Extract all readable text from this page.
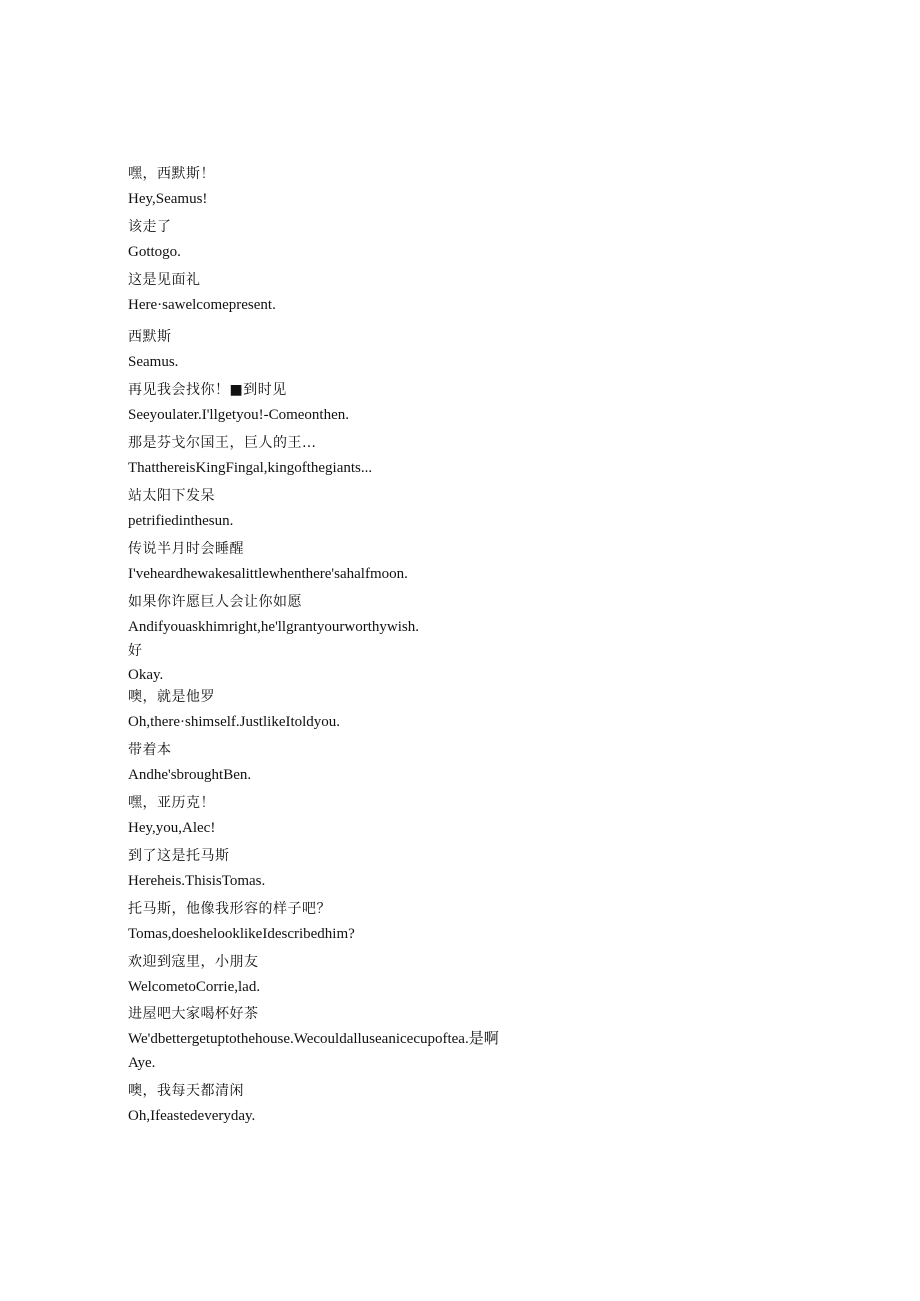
嘿，西默斯！
Hey,Seamus!
该走了
Gottogo.
这是见面礼
Here·sawelcomepresent.
西默斯
Seamus.
再见我会找你！■到时见
Seeyoulater.I'llgetyou!-Comeonthen.
那是芬戈尔国王，巨人的王…
ThatthereisKingFingal,kingofthegiants...
站太阳下发呆
petrifiedinthesun.
传说半月时会睡醒
I'veheardhewakesalittlewhenthere'sahalfmoon.
如果你许愿巨人会让你如愿
Andifyouaskhimright,he'llgrantyourworthywish.
好
Okay.
噢，就是他罗
Oh,there·shimself.JustlikeItoldyou.
带着本
Andhe'sbroughtBen.
嘿，亚历克！
Hey,you,Alec!
到了这是托马斯
Hereheis.ThisisTomas.
托马斯，他像我形容的样子吧？
Tomas,doeshelooklikeIdescribedhim?
欢迎到寇里，小朋友
WelcometoCorrie,lad.
进屋吧大家喝杯好茶
We'dbettergetuptothehouse.Wecouldalluseanicecupoftea.是啊
Aye.
噢，我每天都清闲
Oh,Ifeastedeveryday.
